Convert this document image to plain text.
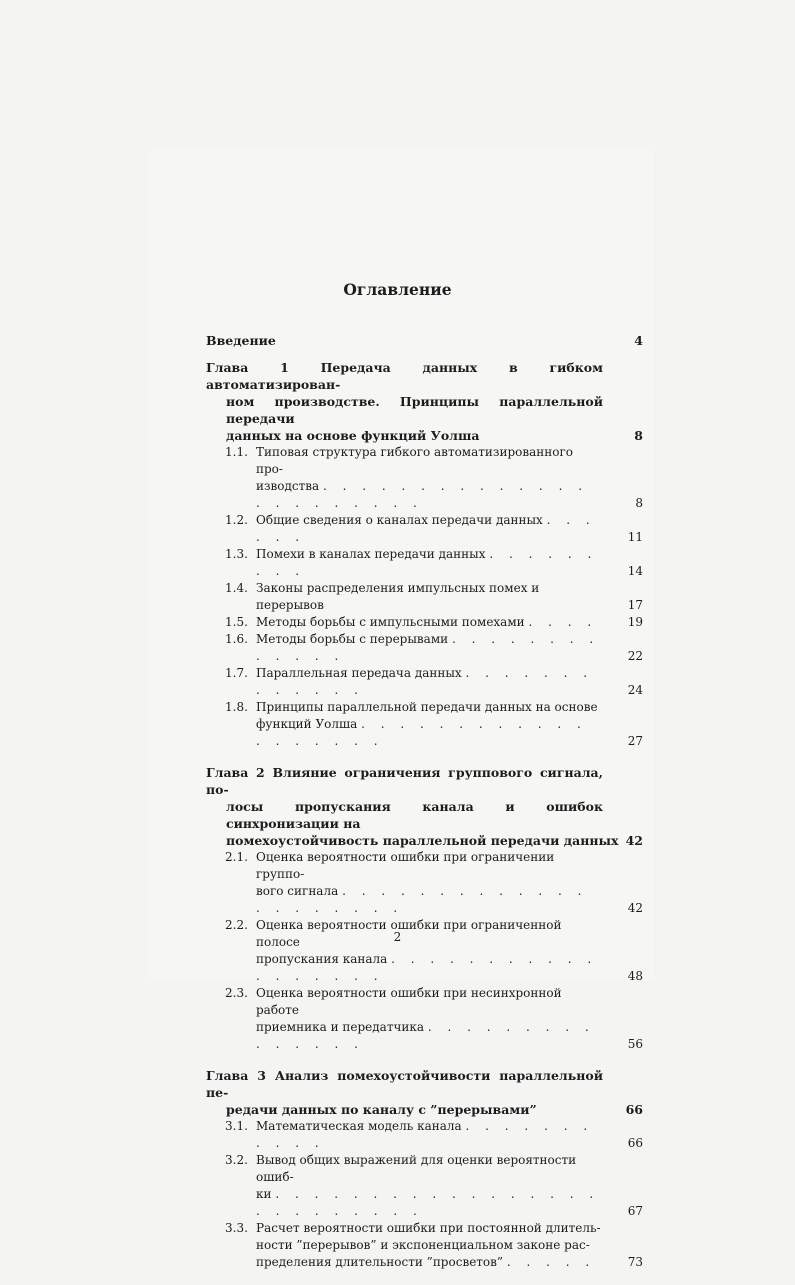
Оглавление
Введение	4
Глава 1 Передача данных в гибком автоматизирован-
ном производстве. Принципы параллельной передачи
данных на основе функций Уолша	8
1.1. Типовая структура гибкого автоматизированного про-
изводства . . . . . . . . . . . . . . . . . . . . . . .	8
1.2. Общие сведения о каналах передачи данных . . . . . .	11
1.3. Помехи в каналах передачи данных . . . . . . . . .	14
1.4. Законы распределения импульсных помех и перерывов	17
1.5. Методы борьбы с импульсными помехами . . . .	19
1.6. Методы борьбы с перерывами . . . . . . . . . . . . .	22
1.7. Параллельная передача данных . . . . . . . . . . . . .	24
1.8. Принципы параллельной передачи данных на основе
функций Уолша . . . . . . . . . . . . . . . . . . .	27
Глава 2 Влияние ограничения группового сигнала, по-
лосы пропускания канала и ошибок синхронизации на
помехоустойчивость параллельной передачи данных 42
2.1. Оценка вероятности ошибки при ограничении группо-
вого сигнала . . . . . . . . . . . . . . . . . . . . .	42
2.2. Оценка вероятности ошибки при ограниченной полосе
пропускания канала . . . . . . . . . . . . . . . . . .	48
2.3. Оценка вероятности ошибки при несинхронной работе
приемника и передатчика . . . . . . . . . . . . . . .	56
Глава 3 Анализ помехоустойчивости параллельной пе-
редачи данных по каналу с ”перерывами”	66
3.1. Математическая модель канала . . . . . . . . . . .	66
3.2. Вывод общих выражений для оценки вероятности ошиб-
ки . . . . . . . . . . . . . . . . . . . . . . . . . .	67
3.3. Расчет вероятности ошибки при постоянной длитель-
ности ”перерывов” и экспоненциальном законе рас-
пределения длительности ”просветов” . . . . .	73
2
